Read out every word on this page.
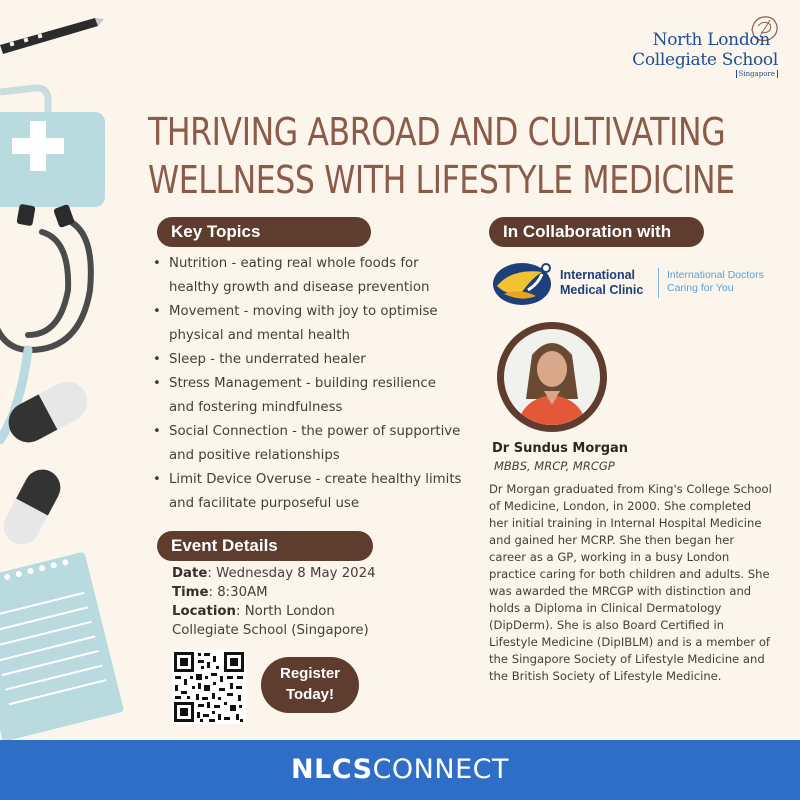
North London
Collegiate School
Singapore
THRIVING ABROAD AND CULTIVATING
WELLNESS WITH LIFESTYLE MEDICINE
Key Topics
• Nutrition - eating real whole foods for healthy growth and disease prevention
• Movement - moving with joy to optimise physical and mental health
• Sleep - the underrated healer
• Stress Management - building resilience and fostering mindfulness
• Social Connection - the power of supportive and positive relationships
• Limit Device Overuse - create healthy limits and facilitate purposeful use
Event Details
Date: Wednesday 8 May 2024
Time: 8:30AM
Location: North London Collegiate School (Singapore)
Register
Today!
In Collaboration with
International
Medical Clinic
International Doctors
Caring for You
Dr Sundus Morgan
MBBS, MRCP, MRCGP
Dr Morgan graduated from King's College School of Medicine, London, in 2000. She completed her initial training in Internal Hospital Medicine and gained her MCRP. She then began her career as a GP, working in a busy London practice caring for both children and adults. She was awarded the MRCGP with distinction and holds a Diploma in Clinical Dermatology (DipDerm). She is also Board Certified in Lifestyle Medicine (DipIBLM) and is a member of the Singapore Society of Lifestyle Medicine and the British Society of Lifestyle Medicine.
NLCSCONNECT
